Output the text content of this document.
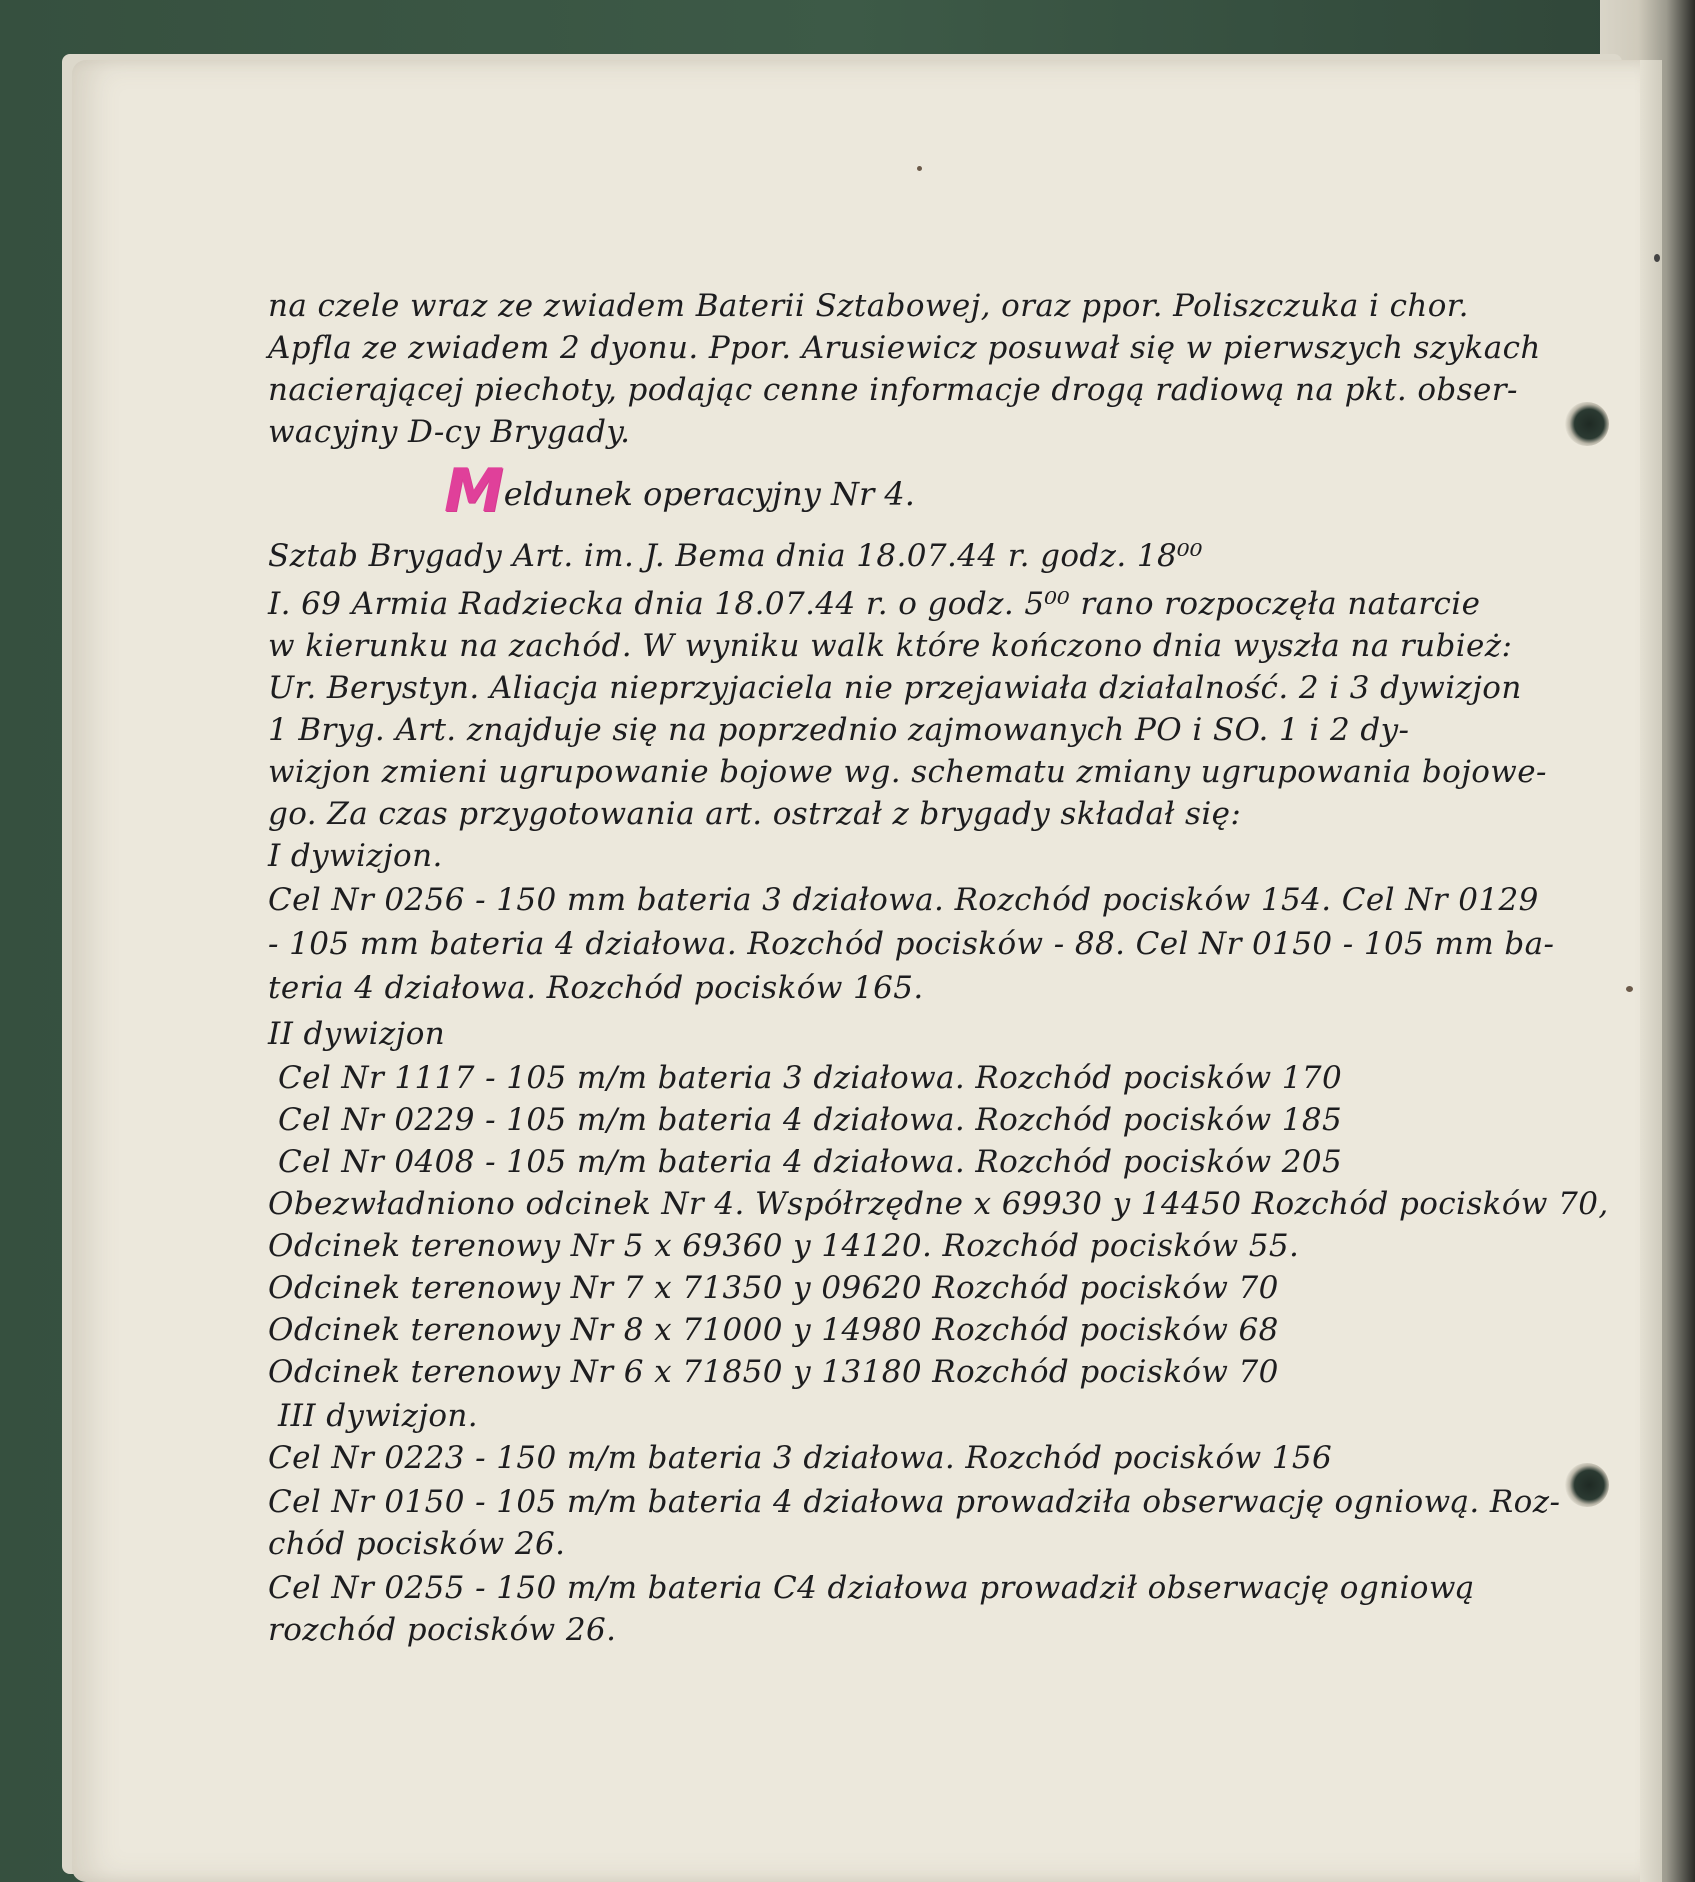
na czele wraz ze zwiadem Baterii Sztabowej, oraz ppor. Poliszczuka i chor.
Apfla ze zwiadem 2 dyonu. Ppor. Arusiewicz posuwał się w pierwszych szykach
nacierającej piechoty, podając cenne informacje drogą radiową na pkt. obser-
wacyjny D-cy Brygady.
Meldunek operacyjny Nr 4.
Sztab Brygady Art. im. J. Bema dnia 18.07.44 r. godz. 18⁰⁰
I. 69 Armia Radziecka dnia 18.07.44 r. o godz. 5⁰⁰ rano rozpoczęła natarcie
w kierunku na zachód. W wyniku walk które kończono dnia wyszła na rubież:
Ur. Berystyn. Aliacja nieprzyjaciela nie przejawiała działalność. 2 i 3 dywizjon
1 Bryg. Art. znajduje się na poprzednio zajmowanych PO i SO. 1 i 2 dy-
wizjon zmieni ugrupowanie bojowe wg. schematu zmiany ugrupowania bojowe-
go. Za czas przygotowania art. ostrzał z brygady składał się:
I dywizjon.
Cel Nr 0256 - 150 mm bateria 3 działowa. Rozchód pocisków 154. Cel Nr 0129
- 105 mm bateria 4 działowa. Rozchód pocisków - 88. Cel Nr 0150 - 105 mm ba-
teria 4 działowa. Rozchód pocisków 165.
II dywizjon
Cel Nr 1117 - 105 m/m bateria 3 działowa. Rozchód pocisków 170
Cel Nr 0229 - 105 m/m bateria 4 działowa. Rozchód pocisków 185
Cel Nr 0408 - 105 m/m bateria 4 działowa. Rozchód pocisków 205
Obezwładniono odcinek Nr 4. Współrzędne x 69930 y 14450 Rozchód pocisków 70,
Odcinek terenowy Nr 5 x 69360 y 14120. Rozchód pocisków 55.
Odcinek terenowy Nr 7 x 71350 y 09620 Rozchód pocisków 70
Odcinek terenowy Nr 8 x 71000 y 14980 Rozchód pocisków 68
Odcinek terenowy Nr 6 x 71850 y 13180 Rozchód pocisków 70
III dywizjon.
Cel Nr 0223 - 150 m/m bateria 3 działowa. Rozchód pocisków 156
Cel Nr 0150 - 105 m/m bateria 4 działowa prowadziła obserwację ogniową. Roz-
chód pocisków 26.
Cel Nr 0255 - 150 m/m bateria C4 działowa prowadził obserwację ogniową
rozchód pocisków 26.
